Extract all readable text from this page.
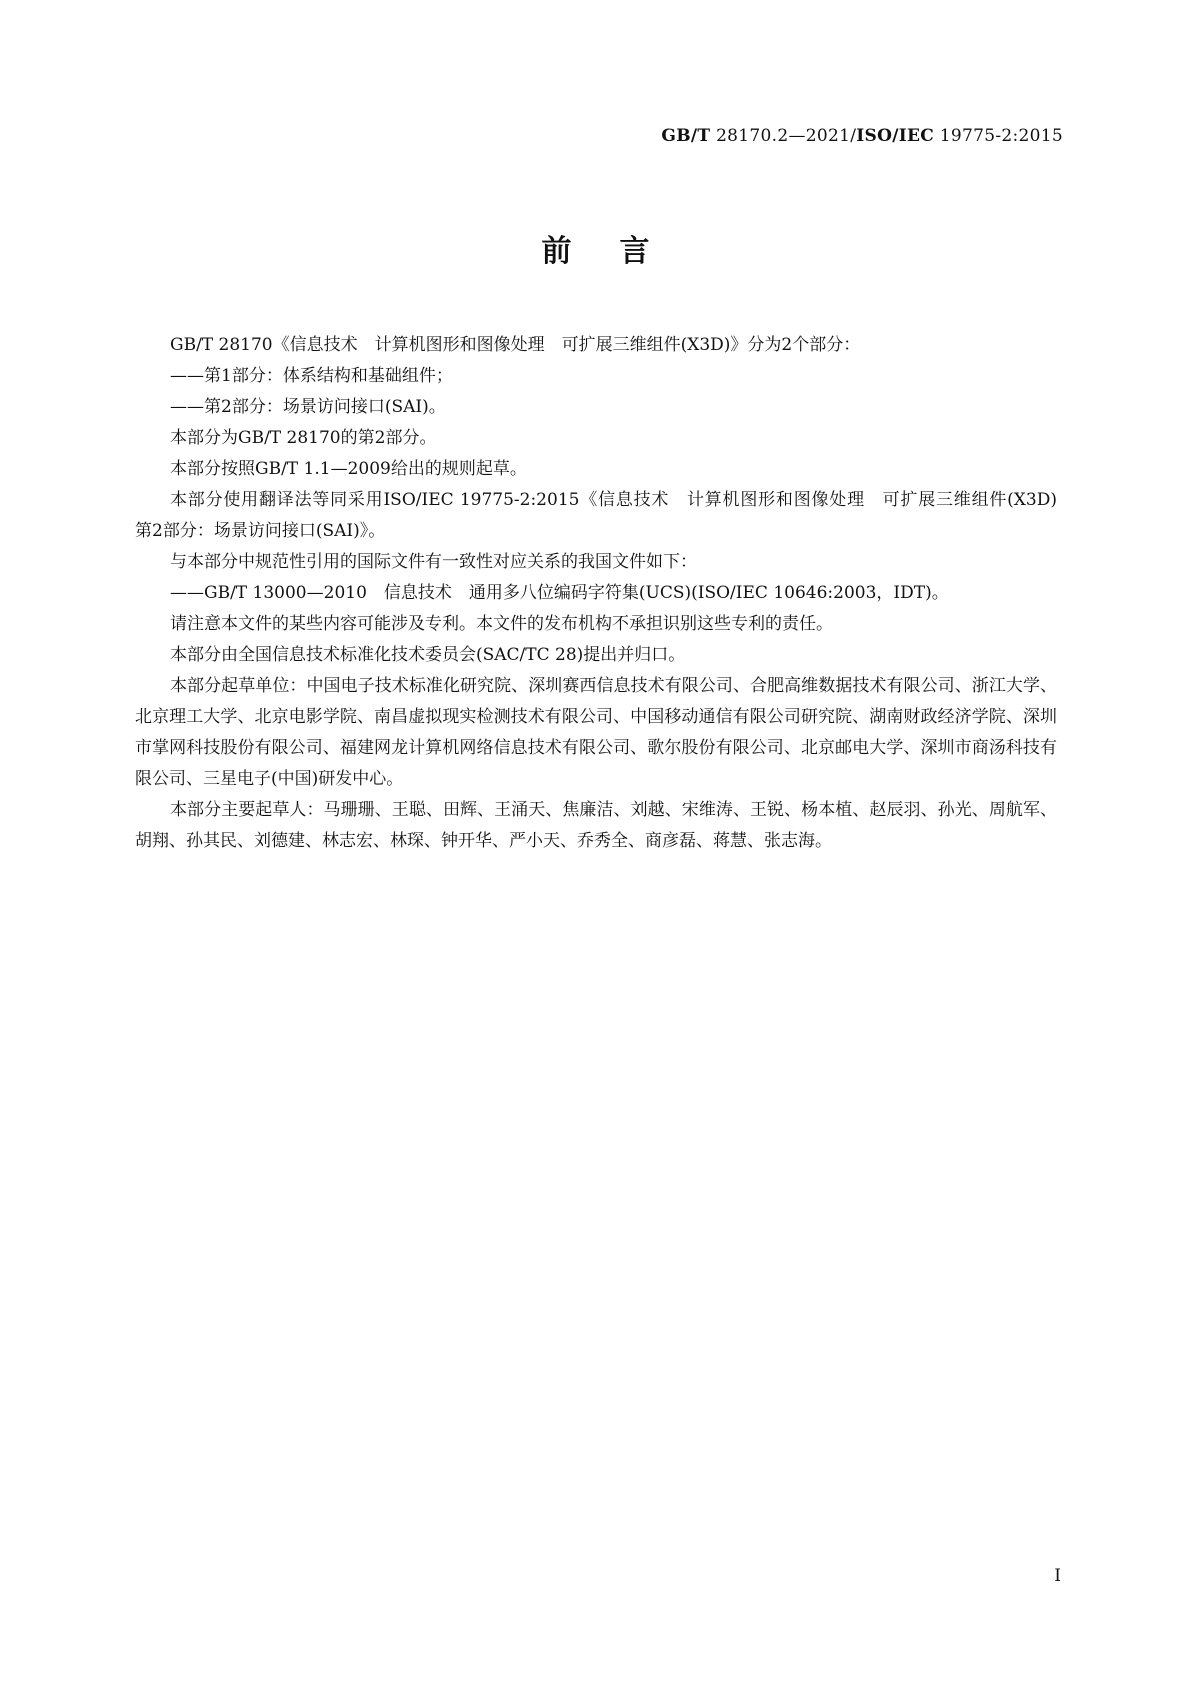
GB/T 28170.2—2021/ISO/IEC 19775-2:2015
前言

GB/T 28170《信息技术　计算机图形和图像处理　可扩展三维组件(X3D)》分为2个部分：

——第1部分：体系结构和基础组件；

——第2部分：场景访问接口(SAI)。

本部分为GB/T 28170的第2部分。

本部分按照GB/T 1.1—2009给出的规则起草。

本部分使用翻译法等同采用ISO/IEC 19775-2:2015《信息技术　计算机图形和图像处理　可扩展三维组件(X3D)　第2部分：场景访问接口(SAI)》。

与本部分中规范性引用的国际文件有一致性对应关系的我国文件如下：

——GB/T 13000—2010　信息技术　通用多八位编码字符集(UCS)(ISO/IEC 10646:2003，IDT)。

请注意本文件的某些内容可能涉及专利。本文件的发布机构不承担识别这些专利的责任。

本部分由全国信息技术标准化技术委员会(SAC/TC 28)提出并归口。

本部分起草单位：中国电子技术标准化研究院、深圳赛西信息技术有限公司、合肥高维数据技术有限公司、浙江大学、北京理工大学、北京电影学院、南昌虚拟现实检测技术有限公司、中国移动通信有限公司研究院、湖南财政经济学院、深圳市掌网科技股份有限公司、福建网龙计算机网络信息技术有限公司、歌尔股份有限公司、北京邮电大学、深圳市商汤科技有限公司、三星电子(中国)研发中心。

本部分主要起草人：马珊珊、王聪、田辉、王涌天、焦廉洁、刘越、宋维涛、王锐、杨本植、赵辰羽、孙光、周航军、胡翔、孙其民、刘德建、林志宏、林琛、钟开华、严小天、乔秀全、商彦磊、蒋慧、张志海。

I
